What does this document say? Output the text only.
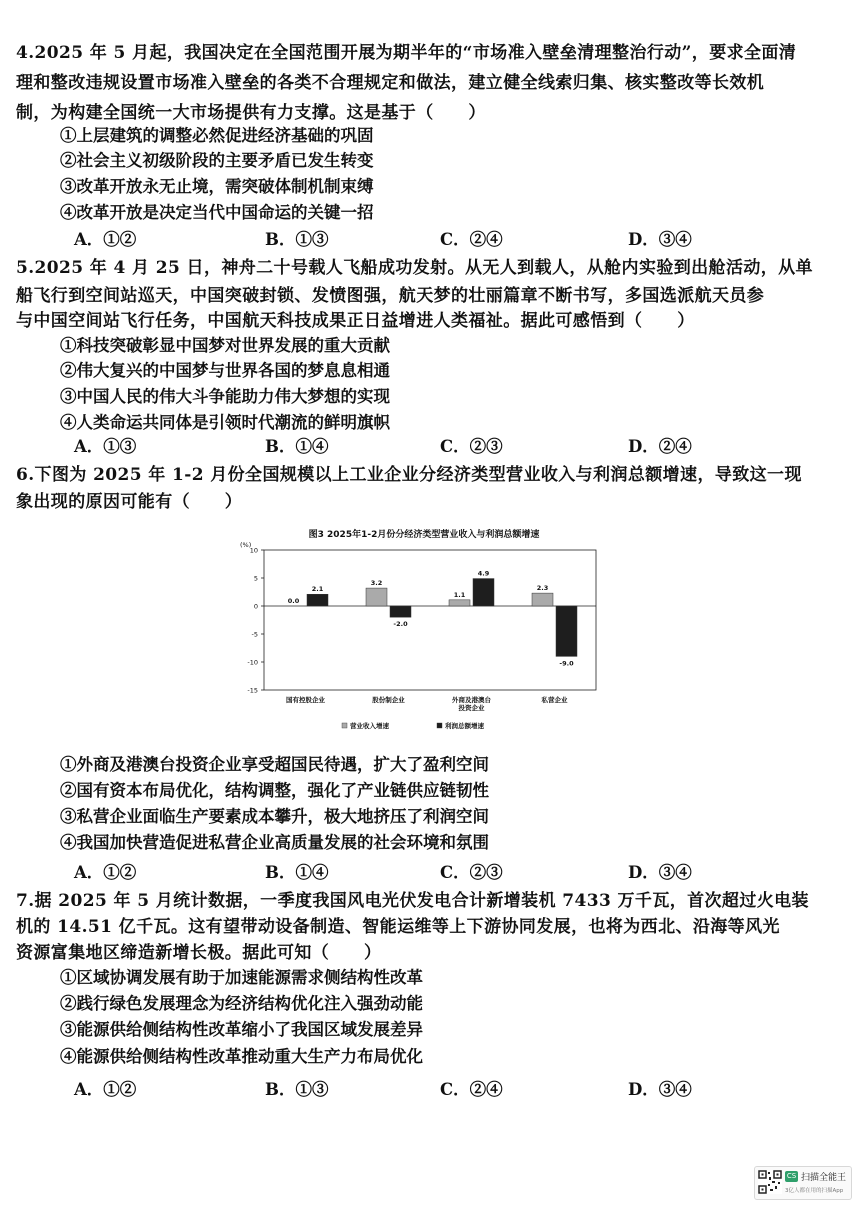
4.2025 年 5 月起，我国决定在全国范围开展为期半年的“市场准入壁垒清理整治行动”，要求全面清
理和整改违规设置市场准入壁垒的各类不合理规定和做法，建立健全线索归集、核实整改等长效机
制，为构建全国统一大市场提供有力支撑。这是基于（　　）
①上层建筑的调整必然促进经济基础的巩固
②社会主义初级阶段的主要矛盾已发生转变
③改革开放永无止境，需突破体制机制束缚
④改革开放是决定当代中国命运的关键一招
A．①②	B．①③	C．②④	D．③④
5.2025 年 4 月 25 日，神舟二十号载人飞船成功发射。从无人到载人，从舱内实验到出舱活动，从单
船飞行到空间站巡天，中国突破封锁、发愤图强，航天梦的壮丽篇章不断书写，多国选派航天员参
与中国空间站飞行任务，中国航天科技成果正日益增进人类福祉。据此可感悟到（　　）
①科技突破彰显中国梦对世界发展的重大贡献
②伟大复兴的中国梦与世界各国的梦息息相通
③中国人民的伟大斗争能助力伟大梦想的实现
④人类命运共同体是引领时代潮流的鲜明旗帜
A．①③	B．①④	C．②③	D．②④
6.下图为 2025 年 1-2 月份全国规模以上工业企业分经济类型营业收入与利润总额增速，导致这一现
象出现的原因可能有（　　）
①外商及港澳台投资企业享受超国民待遇，扩大了盈利空间
②国有资本布局优化，结构调整，强化了产业链供应链韧性
③私营企业面临生产要素成本攀升，极大地挤压了利润空间
④我国加快营造促进私营企业高质量发展的社会环境和氛围
A．①②	B．①④	C．②③	D．③④
7.据 2025 年 5 月统计数据，一季度我国风电光伏发电合计新增装机 7433 万千瓦，首次超过火电装
机的 14.51 亿千瓦。这有望带动设备制造、智能运维等上下游协同发展，也将为西北、沿海等风光
资源富集地区缔造新增长极。据此可知（　　）
①区域协调发展有助于加速能源需求侧结构性改革
②践行绿色发展理念为经济结构优化注入强劲动能
③能源供给侧结构性改革缩小了我国区域发展差异
④能源供给侧结构性改革推动重大生产力布局优化
A．①②	B．①③	C．②④	D．③④
图3 2025年1-2月份分经济类型营业收入与利润总额增速
(%)
10
5
0
-5
-10
-15
0.0
2.1
国有控股企业
3.2
-2.0
股份制企业
1.1
4.9
外商及港澳台
投资企业
2.3
-9.0
私营企业
营业收入增速	利润总额增速
CS 扫描全能王
3亿人都在用的扫描App
